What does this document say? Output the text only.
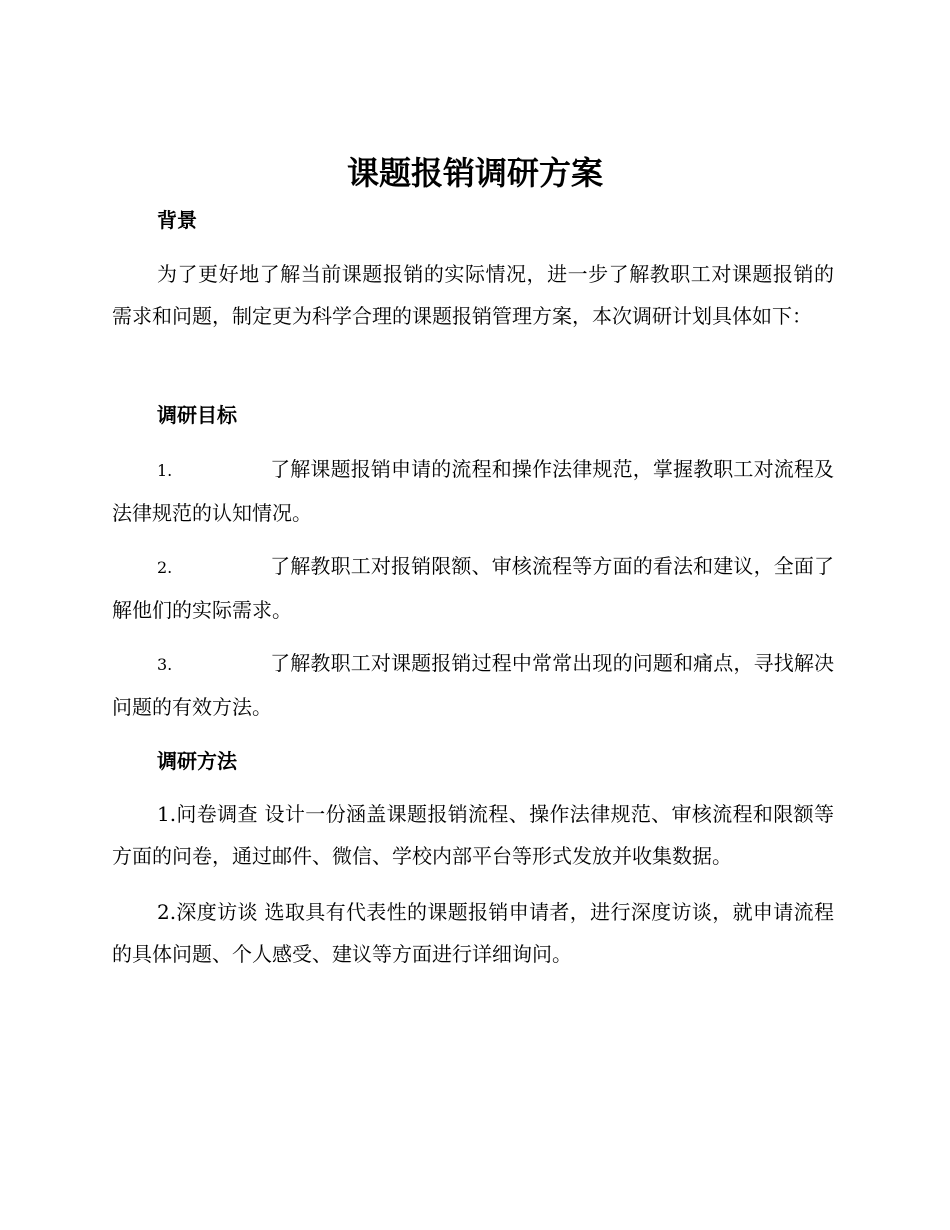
课题报销调研方案
背景
为了更好地了解当前课题报销的实际情况，进一步了解教职工对课题报销的需求和问题，制定更为科学合理的课题报销管理方案，本次调研计划具体如下：
调研目标
1.	了解课题报销申请的流程和操作法律规范，掌握教职工对流程及法律规范的认知情况。
2.	了解教职工对报销限额、审核流程等方面的看法和建议，全面了解他们的实际需求。
3.	了解教职工对课题报销过程中常常出现的问题和痛点，寻找解决问题的有效方法。
调研方法
1.问卷调查 设计一份涵盖课题报销流程、操作法律规范、审核流程和限额等方面的问卷，通过邮件、微信、学校内部平台等形式发放并收集数据。
2.深度访谈 选取具有代表性的课题报销申请者，进行深度访谈，就申请流程的具体问题、个人感受、建议等方面进行详细询问。
